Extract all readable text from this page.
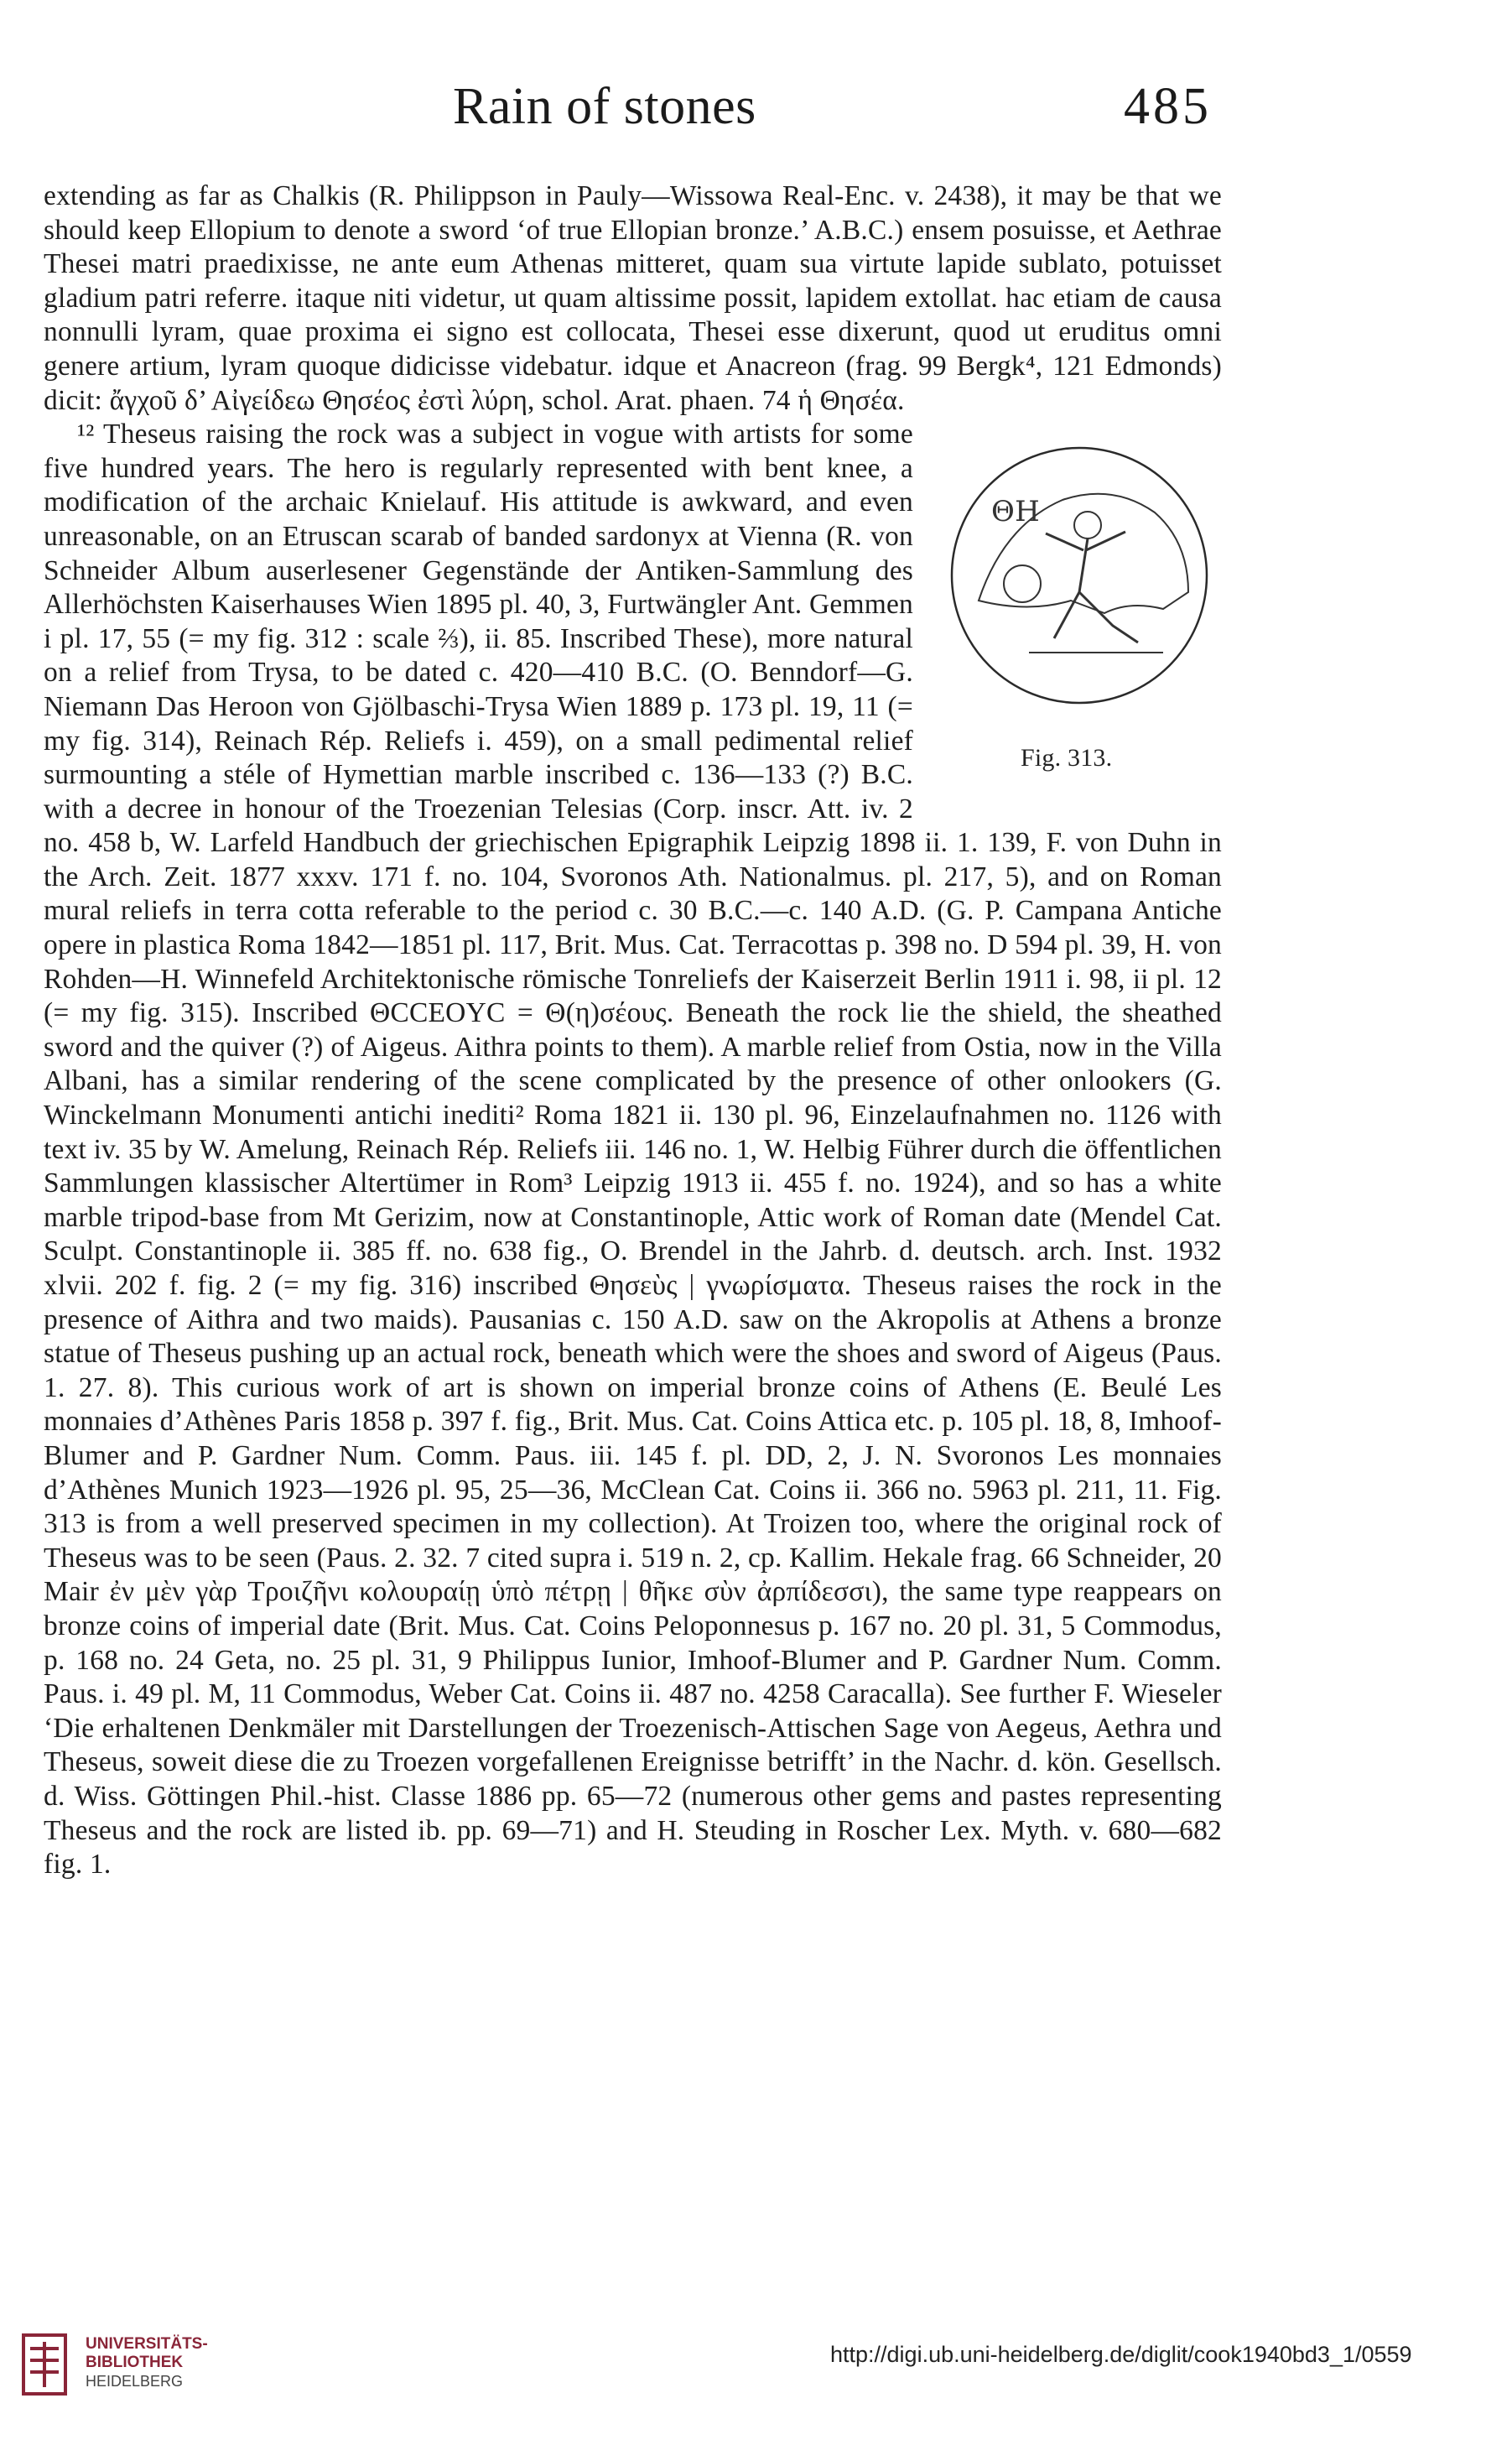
Rain of stones	485

extending as far as Chalkis (R. Philippson in Pauly—Wissowa Real-Enc. v. 2438), it may be that we should keep Ellopium to denote a sword ‘of true Ellopian bronze.’ A.B.C.) ensem posuisse, et Aethrae Thesei matri praedixisse, ne ante eum Athenas mitteret, quam sua virtute lapide sublato, potuisset gladium patri referre. itaque niti videtur, ut quam altissime possit, lapidem extollat. hac etiam de causa nonnulli lyram, quae proxima ei signo est collocata, Thesei esse dixerunt, quod ut eruditus omni genere artium, lyram quoque didicisse videbatur. idque et Anacreon (frag. 99 Bergk⁴, 121 Edmonds) dicit: ἄγχοῦ δ’ Αἰγείδεω Θησέος ἐστὶ λύρη, schol. Arat. phaen. 74 ἡ Θησέα.

ΘΗ
Fig. 313.

¹² Theseus raising the rock was a subject in vogue with artists for some five hundred years. The hero is regularly represented with bent knee, a modification of the archaic Knielauf. His attitude is awkward, and even unreasonable, on an Etruscan scarab of banded sardonyx at Vienna (R. von Schneider Album auserlesener Gegenstände der Antiken-Sammlung des Allerhöchsten Kaiserhauses Wien 1895 pl. 40, 3, Furtwängler Ant. Gemmen i pl. 17, 55 (= my fig. 312 : scale ⅔), ii. 85. Inscribed These), more natural on a relief from Trysa, to be dated c. 420—410 B.C. (O. Benndorf—G. Niemann Das Heroon von Gjölbaschi-Trysa Wien 1889 p. 173 pl. 19, 11 (= my fig. 314), Reinach Rép. Reliefs i. 459), on a small pedimental relief surmounting a stéle of Hymettian marble inscribed c. 136—133 (?) B.C. with a decree in honour of the Troezenian Telesias (Corp. inscr. Att. iv. 2 no. 458 b, W. Larfeld Handbuch der griechischen Epigraphik Leipzig 1898 ii. 1. 139, F. von Duhn in the Arch. Zeit. 1877 xxxv. 171 f. no. 104, Svoronos Ath. Nationalmus. pl. 217, 5), and on Roman mural reliefs in terra cotta referable to the period c. 30 B.C.—c. 140 A.D. (G. P. Campana Antiche opere in plastica Roma 1842—1851 pl. 117, Brit. Mus. Cat. Terracottas p. 398 no. D 594 pl. 39, H. von Rohden—H. Winnefeld Architektonische römische Tonreliefs der Kaiserzeit Berlin 1911 i. 98, ii pl. 12 (= my fig. 315). Inscribed ΘCCEOYC = Θ(η)σέους. Beneath the rock lie the shield, the sheathed sword and the quiver (?) of Aigeus. Aithra points to them). A marble relief from Ostia, now in the Villa Albani, has a similar rendering of the scene complicated by the presence of other onlookers (G. Winckelmann Monumenti antichi inediti² Roma 1821 ii. 130 pl. 96, Einzelaufnahmen no. 1126 with text iv. 35 by W. Amelung, Reinach Rép. Reliefs iii. 146 no. 1, W. Helbig Führer durch die öffentlichen Sammlungen klassischer Altertümer in Rom³ Leipzig 1913 ii. 455 f. no. 1924), and so has a white marble tripod-base from Mt Gerizim, now at Constantinople, Attic work of Roman date (Mendel Cat. Sculpt. Constantinople ii. 385 ff. no. 638 fig., O. Brendel in the Jahrb. d. deutsch. arch. Inst. 1932 xlvii. 202 f. fig. 2 (= my fig. 316) inscribed Θησεὺς | γνωρίσματα. Theseus raises the rock in the presence of Aithra and two maids). Pausanias c. 150 A.D. saw on the Akropolis at Athens a bronze statue of Theseus pushing up an actual rock, beneath which were the shoes and sword of Aigeus (Paus. 1. 27. 8). This curious work of art is shown on imperial bronze coins of Athens (E. Beulé Les monnaies d’Athènes Paris 1858 p. 397 f. fig., Brit. Mus. Cat. Coins Attica etc. p. 105 pl. 18, 8, Imhoof-Blumer and P. Gardner Num. Comm. Paus. iii. 145 f. pl. DD, 2, J. N. Svoronos Les monnaies d’Athènes Munich 1923—1926 pl. 95, 25—36, McClean Cat. Coins ii. 366 no. 5963 pl. 211, 11. Fig. 313 is from a well preserved specimen in my collection). At Troizen too, where the original rock of Theseus was to be seen (Paus. 2. 32. 7 cited supra i. 519 n. 2, cp. Kallim. Hekale frag. 66 Schneider, 20 Mair ἐν μὲν γὰρ Τροιζῆνι κολουραίῃ ὑπὸ πέτρῃ | θῆκε σὺν ἀρπίδεσσι), the same type reappears on bronze coins of imperial date (Brit. Mus. Cat. Coins Peloponnesus p. 167 no. 20 pl. 31, 5 Commodus, p. 168 no. 24 Geta, no. 25 pl. 31, 9 Philippus Iunior, Imhoof-Blumer and P. Gardner Num. Comm. Paus. i. 49 pl. M, 11 Commodus, Weber Cat. Coins ii. 487 no. 4258 Caracalla). See further F. Wieseler ‘Die erhaltenen Denkmäler mit Darstellungen der Troezenisch-Attischen Sage von Aegeus, Aethra und Theseus, soweit diese die zu Troezen vorgefallenen Ereignisse betrifft’ in the Nachr. d. kön. Gesellsch. d. Wiss. Göttingen Phil.-hist. Classe 1886 pp. 65—72 (numerous other gems and pastes representing Theseus and the rock are listed ib. pp. 69—71) and H. Steuding in Roscher Lex. Myth. v. 680—682 fig. 1.

UNIVERSITÄTS-
BIBLIOTHEK
HEIDELBERG
http://digi.ub.uni-heidelberg.de/diglit/cook1940bd3_1/0559
